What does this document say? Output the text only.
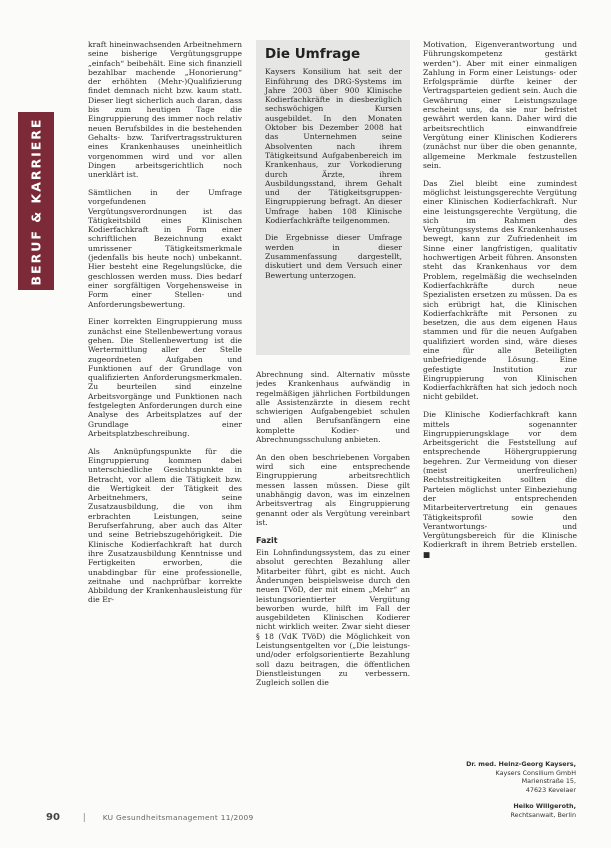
BERUF & KARRIERE

kraft hineinwachsenden Arbeitnehmern seine bisherige Vergütungsgruppe „einfach“ beibehält. Eine sich finanziell bezahlbar machende „Honorierung“ der erhöhten (Mehr-)Qualifizierung findet demnach nicht bzw. kaum statt. Dieser liegt sicherlich auch daran, dass bis zum heutigen Tage die Eingruppierung des immer noch relativ neuen Berufsbildes in die bestehenden Gehalts- bzw. Tarifvertragsstrukturen eines Krankenhauses uneinheitlich vorgenommen wird und vor allen Dingen arbeitsgerichtlich noch unerklärt ist.

Sämtlichen in der Umfrage vorgefundenen Vergütungsverordnungen ist das Tätigkeitsbild eines Klinischen Kodierfachkraft in Form einer schriftlichen Bezeichnung exakt umrissener Tätigkeitsmerkmale (jedenfalls bis heute noch) unbekannt. Hier besteht eine Regelungslücke, die geschlossen werden muss. Dies bedarf einer sorgfältigen Vorgehensweise in Form einer Stellen- und Anforderungsbewertung.

Einer korrekten Eingruppierung muss zunächst eine Stellenbewertung voraus gehen. Die Stellenbewertung ist die Wertermittlung aller der Stelle zugeordneten Aufgaben und Funktionen auf der Grundlage von qualifizierten Anforderungsmerkmalen. Zu beurteilen sind einzelne Arbeitsvorgänge und Funktionen nach festgelegten Anforderungen durch eine Analyse des Arbeitsplatzes auf der Grundlage einer Arbeitsplatzbeschreibung.

Als Anknüpfungspunkte für die Eingruppierung kommen dabei unterschiedliche Gesichtspunkte in Betracht, vor allem die Tätigkeit bzw. die Wertigkeit der Tätigkeit des Arbeitnehmers, seine Zusatzausbildung, die von ihm erbrachten Leistungen, seine Berufserfahrung, aber auch das Alter und seine Betriebszugehörigkeit. Die Klinische Kodierfachkraft hat durch ihre Zusatzausbildung Kenntnisse und Fertigkeiten erworben, die unabdingbar für eine professionelle, zeitnahe und nachprüfbar korrekte Abbildung der Krankenhausleistung für die Er-

Die Umfrage

Kaysers Konsilium hat seit der Einführung des DRG-Systems im Jahre 2003 über 900 Klinische Kodierfachkräfte in diesbezüglich sechswöchigen Kursen ausgebildet. In den Monaten Oktober bis Dezember 2008 hat das Unternehmen seine Absolventen nach ihrem Tätigkeitsund Aufgabenbereich im Krankenhaus, zur Vorkodierung durch Ärzte, ihrem Ausbildungsstand, ihrem Gehalt und der Tätigkeitsgruppen- Eingruppierung befragt. An dieser Umfrage haben 108 Klinische Kodierfachkräfte teilgenommen.

Die Ergebnisse dieser Umfrage werden in dieser Zusammenfassung dargestellt, diskutiert und dem Versuch einer Bewertung unterzogen.

Abrechnung sind. Alternativ müsste jedes Krankenhaus aufwändig in regelmäßigen jährlichen Fortbildungen alle Assistenzärzte in diesem recht schwierigen Aufgabengebiet schulen und allen Berufsanfängern eine komplette Kodier- und Abrechnungsschulung anbieten.

An den oben beschriebenen Vorgaben wird sich eine entsprechende Eingruppierung arbeitsrechtlich messen lassen müssen. Diese gilt unabhängig davon, was im einzelnen Arbeitsvertrag als Eingruppierung genannt oder als Vergütung vereinbart ist.

Fazit

Ein Lohnfindungssystem, das zu einer absolut gerechten Bezahlung aller Mitarbeiter führt, gibt es nicht. Auch Änderungen beispielsweise durch den neuen TVöD, der mit einem „Mehr“ an leistungsorientierter Vergütung beworben wurde, hilft im Fall der ausgebildeten Klinischen Kodierer nicht wirklich weiter. Zwar sieht dieser § 18 (VdK TVöD) die Möglichkeit von Leistungsentgelten vor („Die leistungs- und/oder erfolgsorientierte Bezahlung soll dazu beitragen, die öffentlichen Dienstleistungen zu verbessern. Zugleich sollen die

Motivation, Eigenverantwortung und Führungskompetenz gestärkt werden“). Aber mit einer einmaligen Zahlung in Form einer Leistungs- oder Erfolgsprämie dürfte keiner der Vertragsparteien gedient sein. Auch die Gewährung einer Leistungszulage erscheint uns, da sie nur befristet gewährt werden kann. Daher wird die arbeitsrechtlich einwandfreie Vergütung einer Klinischen Kodierers (zunächst nur über die oben genannte, allgemeine Merkmale festzustellen sein.

Das Ziel bleibt eine zumindest möglichst leistungsgerechte Vergütung einer Klinischen Kodierfachkraft. Nur eine leistungsgerechte Vergütung, die sich im Rahmen des Vergütungssystems des Krankenhauses bewegt, kann zur Zufriedenheit im Sinne einer langfristigen, qualitativ hochwertigen Arbeit führen. Ansonsten steht das Krankenhaus vor dem Problem, regelmäßig die wechselnden Kodierfachkräfte durch neue Spezialisten ersetzen zu müssen. Da es sich erübrigt hat, die Klinischen Kodierfachkräfte mit Personen zu besetzen, die aus dem eigenen Haus stammen und für die neuen Aufgaben qualifiziert worden sind, wäre dieses eine für alle Beteiligten unbefriedigende Lösung. Eine gefestigte Institution zur Eingruppierung von Klinischen Kodierfachkräften hat sich jedoch noch nicht gebildet.

Die Klinische Kodierfachkraft kann mittels sogenannter Eingruppierungsklage vor dem Arbeitsgericht die Feststellung auf entsprechende Höhergruppierung begehren. Zur Vermeidung von dieser (meist unerfreulichen) Rechtsstreitigkeiten sollten die Parteien möglichst unter Einbeziehung der entsprechenden Mitarbeitervertretung ein genaues Tätigkeitsprofil sowie den Verantwortungs- und Vergütungsbereich für die Klinische Kodierkraft in ihrem Betrieb erstellen. ■

Dr. med. Heinz-Georg Kaysers,
Kaysers Consilium GmbH
Marienstraße 15,
47623 Kevelaer
Heiko Willgeroth,
Rechtsanwalt, Berlin
90	| KU Gesundheitsmanagement 11/2009
